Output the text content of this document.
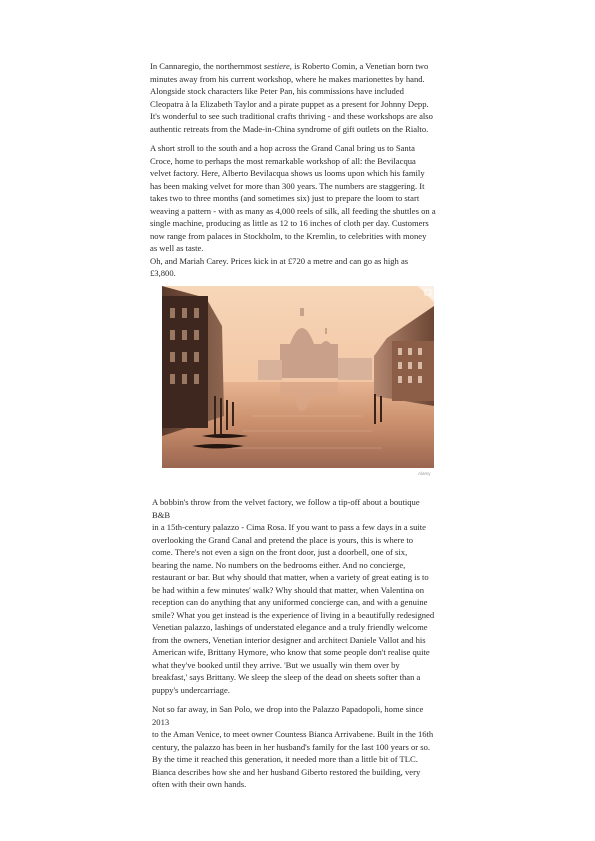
In Cannaregio, the northernmost sestiere, is Roberto Comin, a Venetian born two
minutes away from his current workshop, where he makes marionettes by hand.
Alongside stock characters like Peter Pan, his commissions have included
Cleopatra à la Elizabeth Taylor and a pirate puppet as a present for Johnny Depp.
It's wonderful to see such traditional crafts thriving - and these workshops are also
authentic retreats from the Made-in-China syndrome of gift outlets on the Rialto.

A short stroll to the south and a hop across the Grand Canal bring us to Santa
Croce, home to perhaps the most remarkable workshop of all: the Bevilacqua
velvet factory. Here, Alberto Bevilacqua shows us looms upon which his family
has been making velvet for more than 300 years. The numbers are staggering. It
takes two to three months (and sometimes six) just to prepare the loom to start
weaving a pattern - with as many as 4,000 reels of silk, all feeding the shuttles on a
single machine, producing as little as 12 to 16 inches of cloth per day. Customers
now range from palaces in Stockholm, to the Kremlin, to celebrities with money
as well as taste.
Oh, and Mariah Carey. Prices kick in at £720 a metre and can go as high as
£3,800.

Alamy

A bobbin's throw from the velvet factory, we follow a tip-off about a boutique
B&B
in a 15th-century palazzo - Cima Rosa. If you want to pass a few days in a suite
overlooking the Grand Canal and pretend the place is yours, this is where to
come. There's not even a sign on the front door, just a doorbell, one of six,
bearing the name. No numbers on the bedrooms either. And no concierge,
restaurant or bar. But why should that matter, when a variety of great eating is to
be had within a few minutes' walk? Why should that matter, when Valentina on
reception can do anything that any uniformed concierge can, and with a genuine
smile? What you get instead is the experience of living in a beautifully redesigned
Venetian palazzo, lashings of understated elegance and a truly friendly welcome
from the owners, Venetian interior designer and architect Daniele Vallot and his
American wife, Brittany Hymore, who know that some people don't realise quite
what they've booked until they arrive. 'But we usually win them over by
breakfast,' says Brittany. We sleep the sleep of the dead on sheets softer than a
puppy's undercarriage.

Not so far away, in San Polo, we drop into the Palazzo Papadopoli, home since
2013
to the Aman Venice, to meet owner Countess Bianca Arrivabene. Built in the 16th
century, the palazzo has been in her husband's family for the last 100 years or so.
By the time it reached this generation, it needed more than a little bit of TLC.
Bianca describes how she and her husband Giberto restored the building, very
often with their own hands.
